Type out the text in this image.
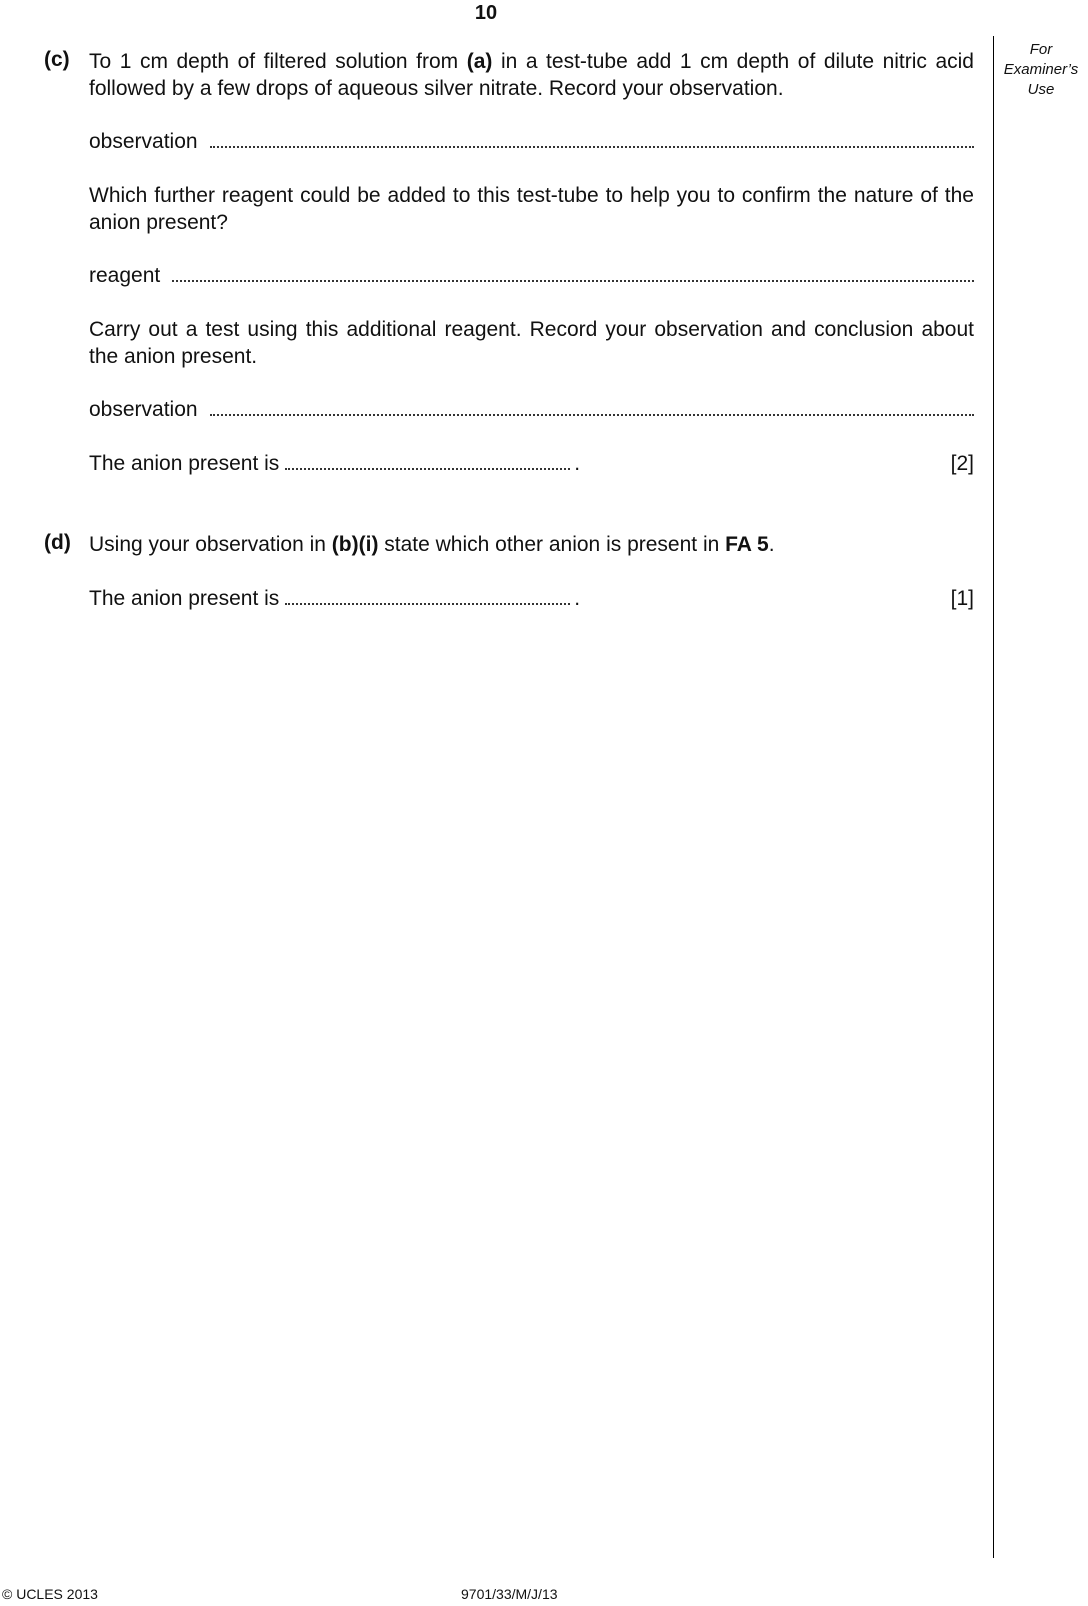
10
For
Examiner’s
Use
(c) To 1 cm depth of filtered solution from (a) in a test-tube add 1 cm depth of dilute nitric acid followed by a few drops of aqueous silver nitrate. Record your observation.
observation
Which further reagent could be added to this test-tube to help you to confirm the nature of the anion present?
reagent
Carry out a test using this additional reagent. Record your observation and conclusion about the anion present.
observation
The anion present is	.	[2]
(d) Using your observation in (b)(i) state which other anion is present in FA 5.
The anion present is	.	[1]
© UCLES 2013	9701/33/M/J/13
